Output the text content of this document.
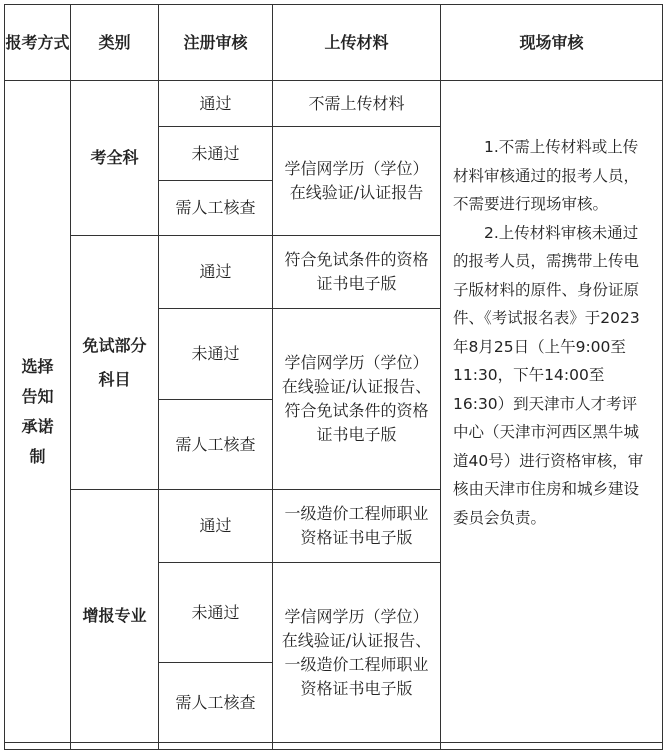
报考方式	类别	注册审核	上传材料	现场审核
选择告知承诺制	考全科	通过	不需上传材料	1.不需上传材料或上传材料审核通过的报考人员，不需要进行现场审核。

2.上传材料审核未通过的报考人员，需携带上传电子版材料的原件、身份证原件、《考试报名表》于2023年8月25日（上午9:00至11:30，下午14:00至16:30）到天津市人才考评中心（天津市河西区黑牛城道40号）进行资格审核，审核由天津市住房和城乡建设委员会负责。

		未通过	学信网学历（学位）在线验证/认证报告	
		需人工核查		
	免试部分科目	通过	符合免试条件的资格证书电子版	
		未通过	学信网学历（学位）在线验证/认证报告、符合免试条件的资格证书电子版	
		需人工核查		
	增报专业	通过	一级造价工程师职业资格证书电子版	
		未通过	学信网学历（学位）在线验证/认证报告、一级造价工程师职业资格证书电子版	
		需人工核查		
